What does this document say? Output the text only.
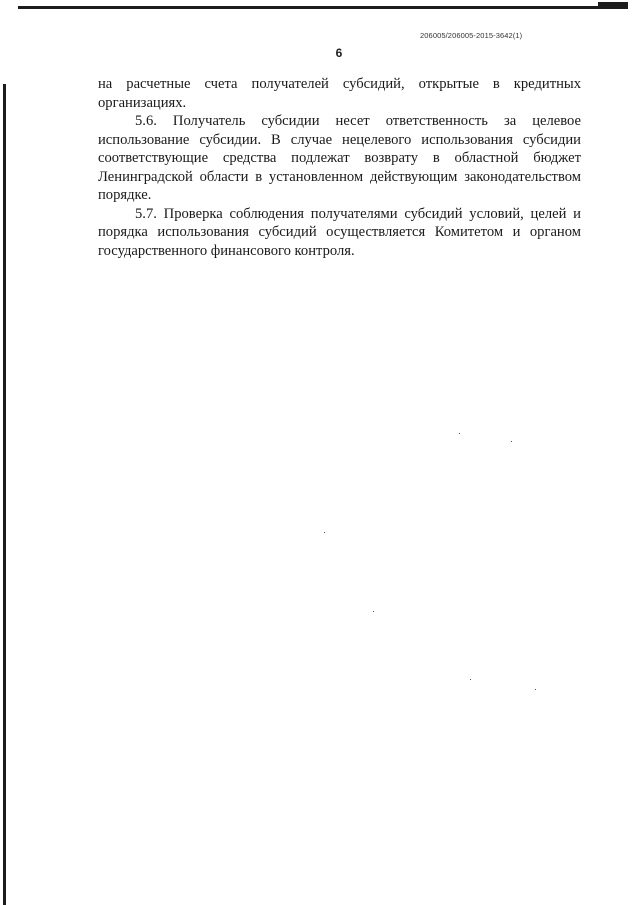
206005/206005-2015-3642(1)
6

на расчетные счета получателей субсидий, открытые в кредитных организациях.

5.6. Получатель субсидии несет ответственность за целевое использование субсидии. В случае нецелевого использования субсидии соответствующие средства подлежат возврату в областной бюджет Ленинградской области в установленном действующим законодательством порядке.

5.7. Проверка соблюдения получателями субсидий условий, целей и порядка использования субсидий осуществляется Комитетом и органом государственного финансового контроля.
